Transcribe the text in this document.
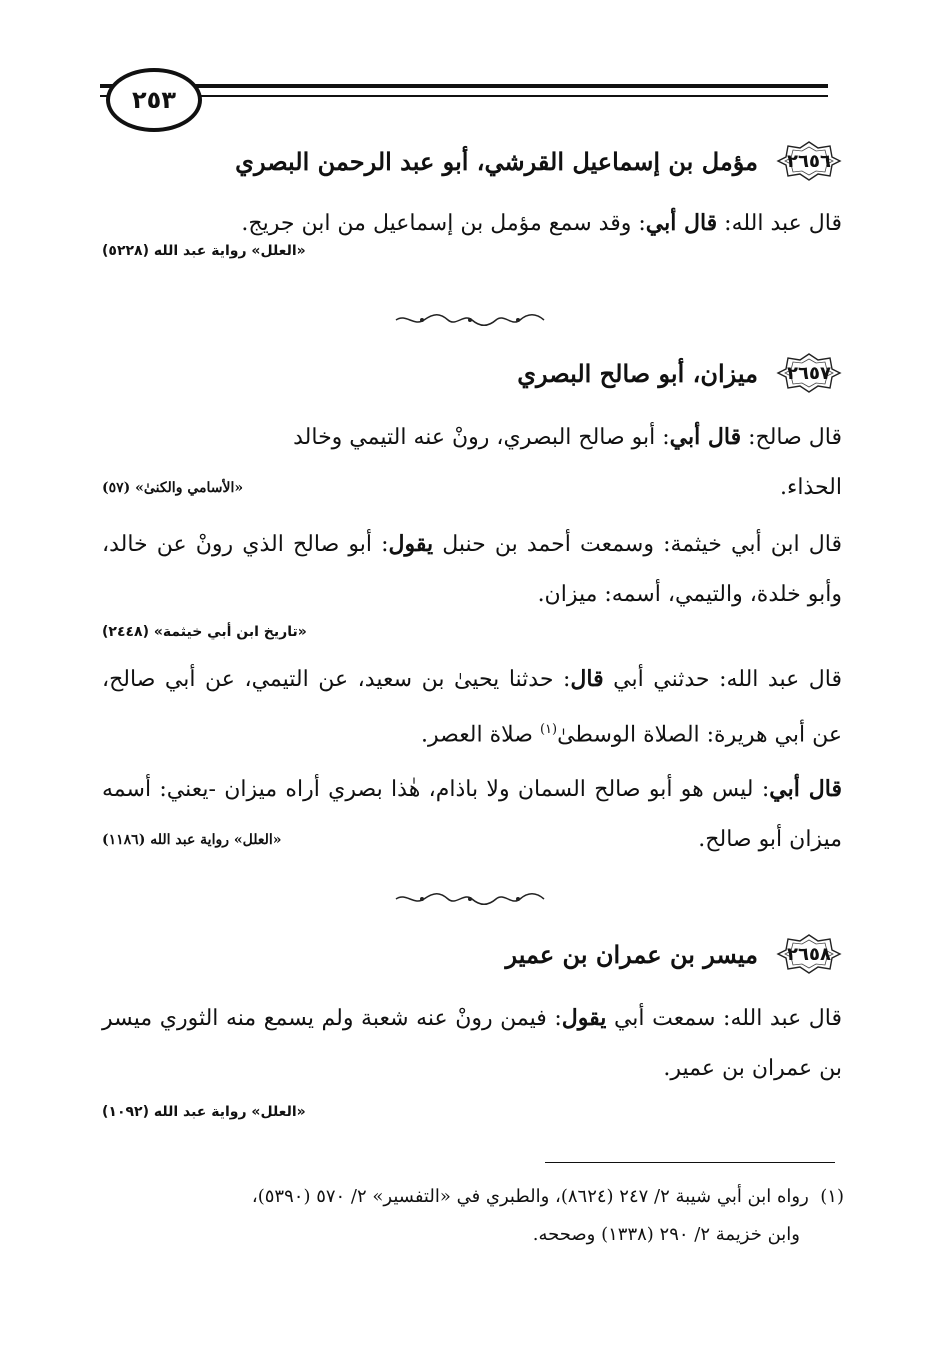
٢٥٣
٢٦٥٦
مؤمل بن إسماعيل القرشي، أبو عبد الرحمن البصري

قال عبد الله: قال أبي: وقد سمع مؤمل بن إسماعيل من ابن جريج.

«العلل» رواية عبد الله (٥٢٢٨)
٢٦٥٧
ميزان، أبو صالح البصري

قال صالح: قال أبي: أبو صالح البصري، رونْ عنه التيمي وخالد
الحذاء.
«الأسامي والكنىٰ» (٥٧)

قال ابن أبي خيثمة: وسمعت أحمد بن حنبل يقول: أبو صالح الذي رونْ عن خالد، وأبو خلدة، والتيمي، أسمه: ميزان.

«تاريخ ابن أبي خيثمة» (٢٤٤٨)

قال عبد الله: حدثني أبي قال: حدثنا يحيىٰ بن سعيد، عن التيمي، عن أبي صالح، عن أبي هريرة: الصلاة الوسطىٰ$^{(١)}$ صلاة العصر.

قال أبي: ليس هو أبو صالح السمان ولا باذام، هٰذا بصري أراه ميزان -يعني: أسمه ميزان أبو صالح.
«العلل» رواية عبد الله (١١٨٦)

٢٦٥٨
ميسر بن عمران بن عمير

قال عبد الله: سمعت أبي يقول: فيمن رونْ عنه شعبة ولم يسمع منه الثوري ميسر بن عمران بن عمير.

«العلل» رواية عبد الله (١٠٩٢)
(١)  رواه ابن أبي شيبة ٢/ ٢٤٧ (٨٦٢٤)، والطبري في «التفسير» ٢/ ٥٧٠ (٥٣٩٠)،
وابن خزيمة ٢/ ٢٩٠ (١٣٣٨) وصححه.
